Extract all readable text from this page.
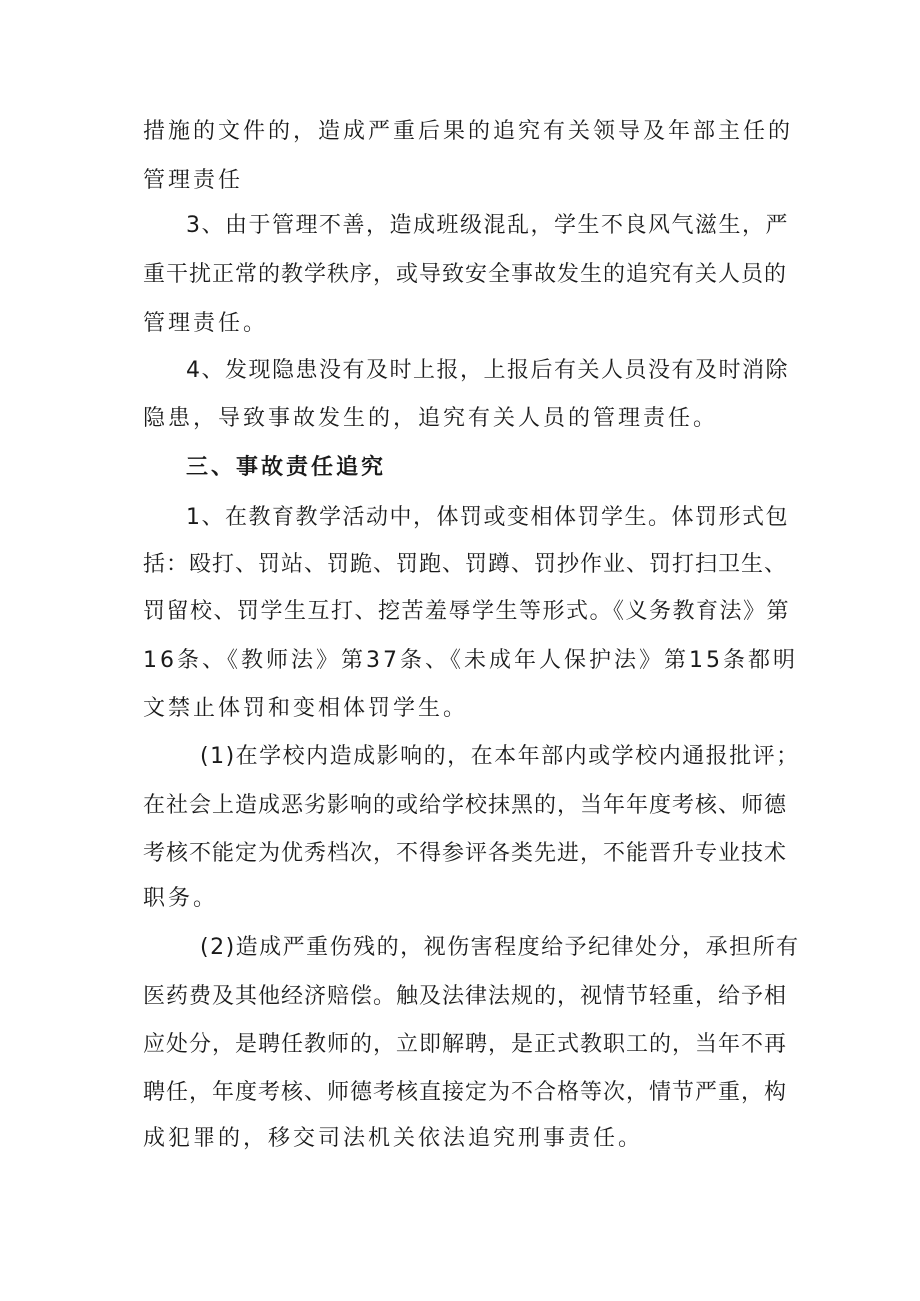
措施的文件的，造成严重后果的追究有关领导及年部主任的
管理责任
3、由于管理不善，造成班级混乱，学生不良风气滋生，严
重干扰正常的教学秩序，或导致安全事故发生的追究有关人员的
管理责任。
4、发现隐患没有及时上报，上报后有关人员没有及时消除
隐患，导致事故发生的，追究有关人员的管理责任。
三、事故责任追究
1、在教育教学活动中，体罚或变相体罚学生。体罚形式包
括：殴打、罚站、罚跪、罚跑、罚蹲、罚抄作业、罚打扫卫生、
罚留校、罚学生互打、挖苦羞辱学生等形式。《义务教育法》第
16条、《教师法》第37条、《未成年人保护法》第15条都明
文禁止体罚和变相体罚学生。
(1)在学校内造成影响的，在本年部内或学校内通报批评；
在社会上造成恶劣影响的或给学校抹黑的，当年年度考核、师德
考核不能定为优秀档次，不得参评各类先进，不能晋升专业技术
职务。
(2)造成严重伤残的，视伤害程度给予纪律处分，承担所有
医药费及其他经济赔偿。触及法律法规的，视情节轻重，给予相
应处分，是聘任教师的，立即解聘，是正式教职工的，当年不再
聘任，年度考核、师德考核直接定为不合格等次，情节严重，构
成犯罪的，移交司法机关依法追究刑事责任。
